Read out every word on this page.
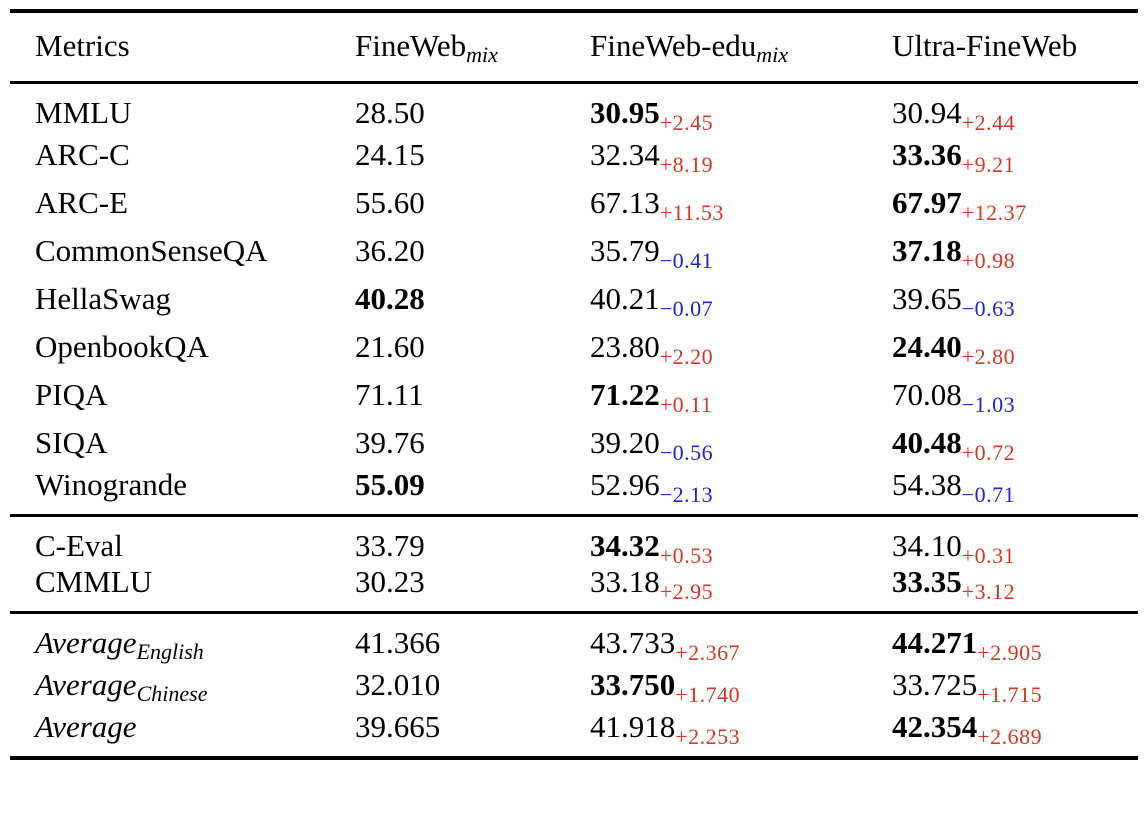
Metrics	FineWeb$_{mix}$	FineWeb-edu$_{mix}$	Ultra-FineWeb
MMLU	28.50	$30.95_{+2.45}$	$30.94_{+2.44}$
ARC-C	24.15	$32.34_{+8.19}$	$33.36_{+9.21}$
ARC-E	55.60	$67.13_{+11.53}$	$67.97_{+12.37}$
CommonSenseQA	36.20	$35.79_{-0.41}$	$37.18_{+0.98}$
HellaSwag	40.28	$40.21_{-0.07}$	$39.65_{-0.63}$
OpenbookQA	21.60	$23.80_{+2.20}$	$24.40_{+2.80}$
PIQA	71.11	$71.22_{+0.11}$	$70.08_{-1.03}$
SIQA	39.76	$39.20_{-0.56}$	$40.48_{+0.72}$
Winogrande	55.09	$52.96_{-2.13}$	$54.38_{-0.71}$
C-Eval	33.79	$34.32_{+0.53}$	$34.10_{+0.31}$
CMMLU	30.23	$33.18_{+2.95}$	$33.35_{+3.12}$
Average$_{English}$	41.366	$43.733_{+2.367}$	$44.271_{+2.905}$
Average$_{Chinese}$	32.010	$33.750_{+1.740}$	$33.725_{+1.715}$
Average	39.665	$41.918_{+2.253}$	$42.354_{+2.689}$
